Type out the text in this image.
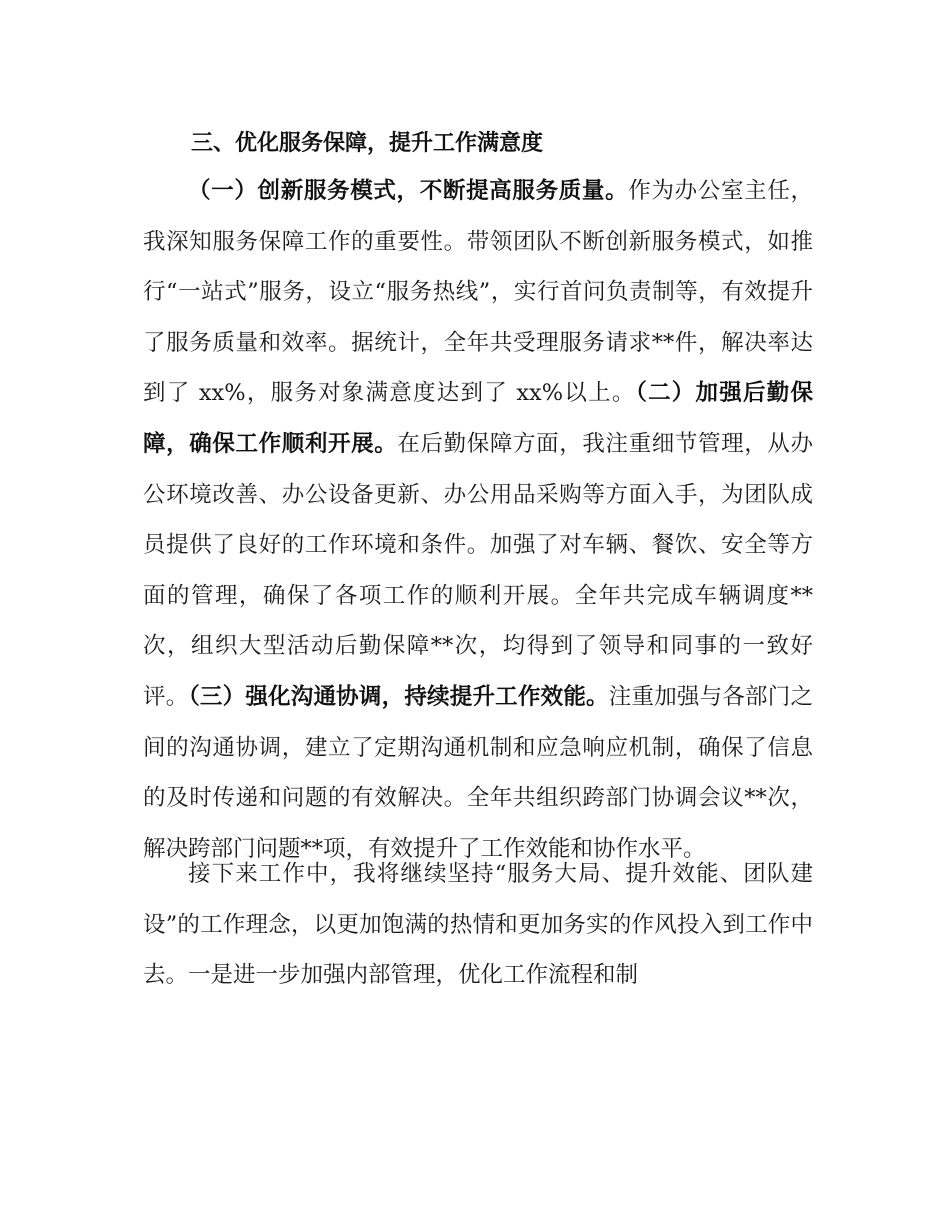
三、优化服务保障，提升工作满意度

（一）创新服务模式，不断提高服务质量。作为办公室主任，我深知服务保障工作的重要性。带领团队不断创新服务模式，如推行“一站式”服务，设立“服务热线”，实行首问负责制等，有效提升了服务质量和效率。据统计，全年共受理服务请求**件，解决率达到了 xx%，服务对象满意度达到了 xx%以上。（二）加强后勤保障，确保工作顺利开展。在后勤保障方面，我注重细节管理，从办公环境改善、办公设备更新、办公用品采购等方面入手，为团队成员提供了良好的工作环境和条件。加强了对车辆、餐饮、安全等方面的管理，确保了各项工作的顺利开展。全年共完成车辆调度**次，组织大型活动后勤保障**次，均得到了领导和同事的一致好评。（三）强化沟通协调，持续提升工作效能。注重加强与各部门之间的沟通协调，建立了定期沟通机制和应急响应机制，确保了信息的及时传递和问题的有效解决。全年共组织跨部门协调会议**次，解决跨部门问题**项，有效提升了工作效能和协作水平。

接下来工作中，我将继续坚持“服务大局、提升效能、团队建设”的工作理念，以更加饱满的热情和更加务实的作风投入到工作中去。一是进一步加强内部管理，优化工作流程和制
